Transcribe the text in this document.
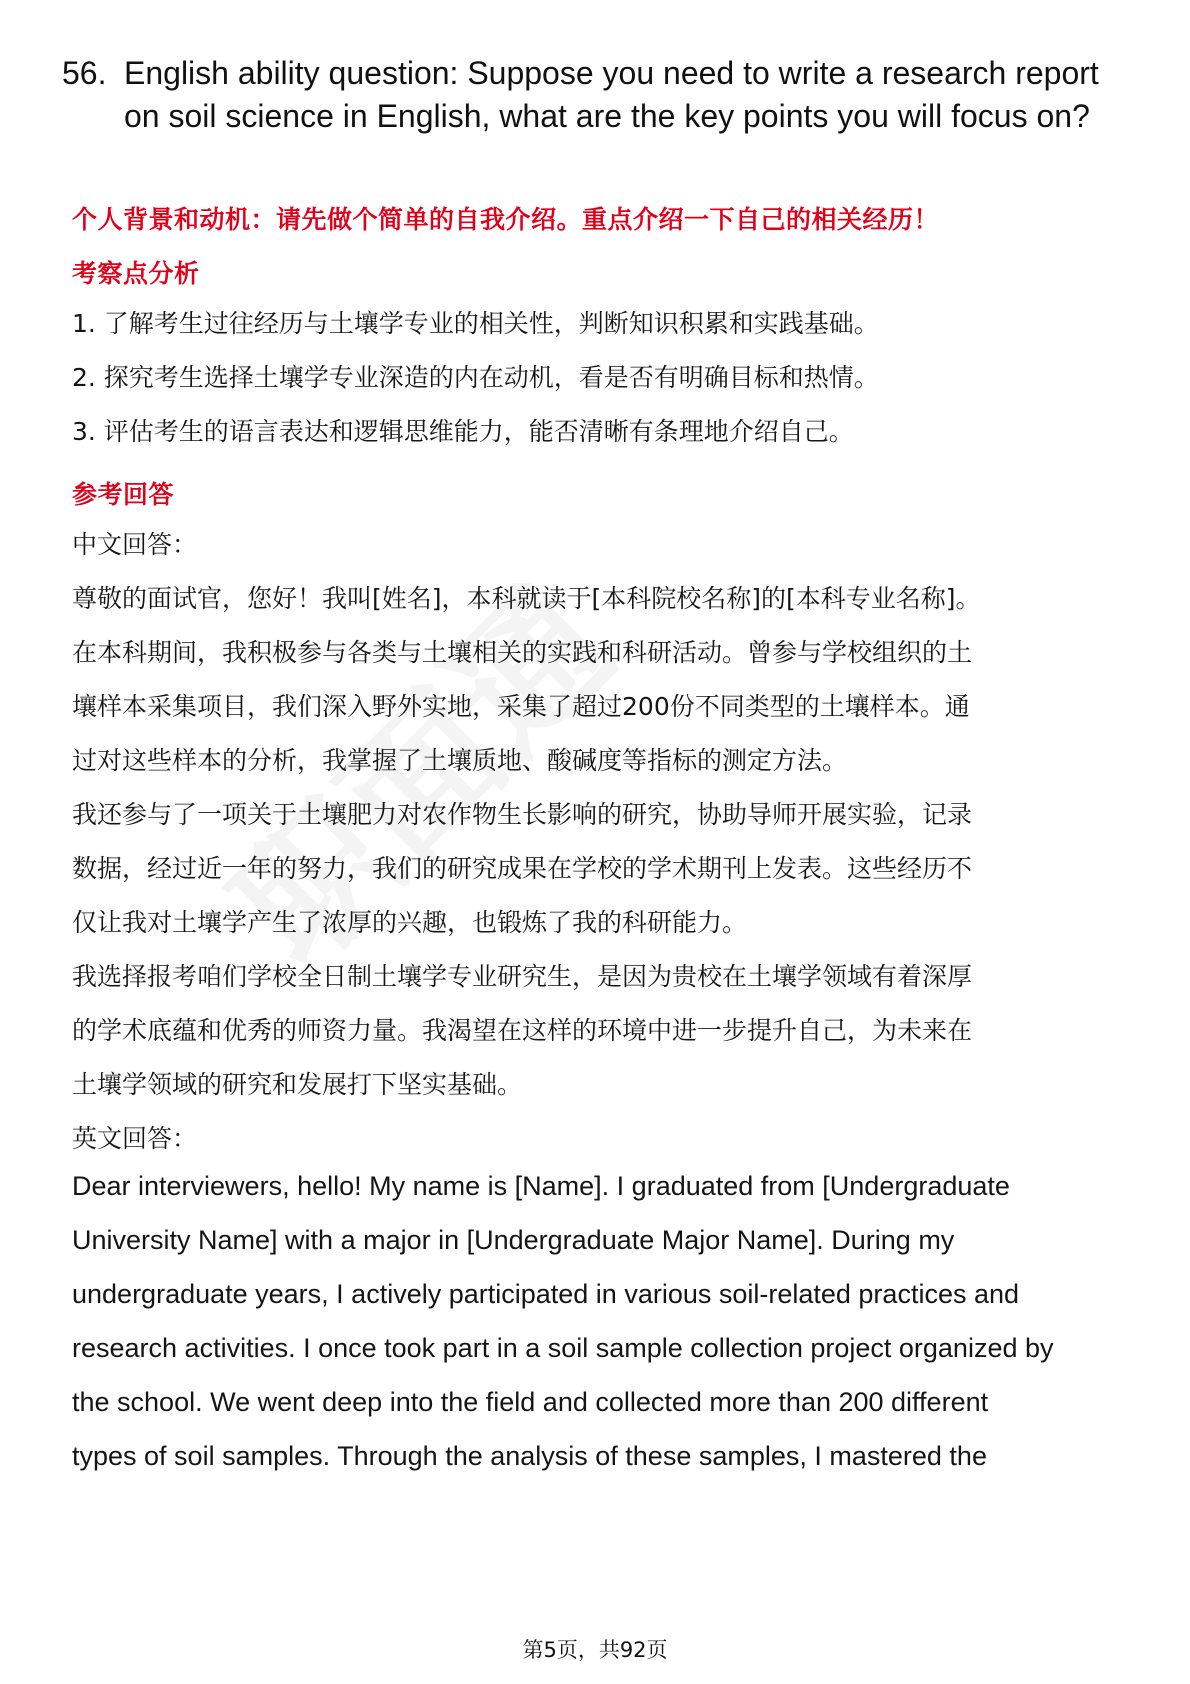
56. English ability question: Suppose you need to write a research report on soil science in English, what are the key points you will focus on?
个人背景和动机：请先做个简单的自我介绍。重点介绍一下自己的相关经历！
考察点分析
1. 了解考生过往经历与土壤学专业的相关性，判断知识积累和实践基础。
2. 探究考生选择土壤学专业深造的内在动机，看是否有明确目标和热情。
3. 评估考生的语言表达和逻辑思维能力，能否清晰有条理地介绍自己。
参考回答
中文回答：
尊敬的面试官，您好！我叫[姓名]，本科就读于[本科院校名称]的[本科专业名称]。
在本科期间，我积极参与各类与土壤相关的实践和科研活动。曾参与学校组织的土
壤样本采集项目，我们深入野外实地，采集了超过200份不同类型的土壤样本。通
过对这些样本的分析，我掌握了土壤质地、酸碱度等指标的测定方法。
我还参与了一项关于土壤肥力对农作物生长影响的研究，协助导师开展实验，记录
数据，经过近一年的努力，我们的研究成果在学校的学术期刊上发表。这些经历不
仅让我对土壤学产生了浓厚的兴趣，也锻炼了我的科研能力。
我选择报考咱们学校全日制土壤学专业研究生，是因为贵校在土壤学领域有着深厚
的学术底蕴和优秀的师资力量。我渴望在这样的环境中进一步提升自己，为未来在
土壤学领域的研究和发展打下坚实基础。
英文回答：
Dear interviewers, hello! My name is [Name]. I graduated from [Undergraduate
University Name] with a major in [Undergraduate Major Name]. During my
undergraduate years, I actively participated in various soil-related practices and
research activities. I once took part in a soil sample collection project organized by
the school. We went deep into the field and collected more than 200 different
types of soil samples. Through the analysis of these samples, I mastered the
第5页，共92页
